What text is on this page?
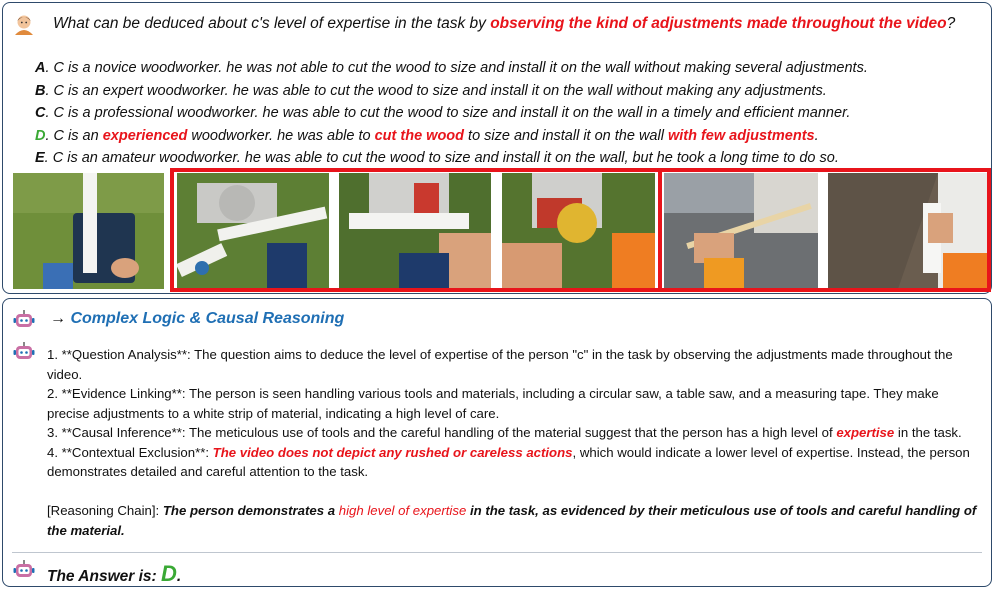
What can be deduced about c's level of expertise in the task by observing the kind of adjustments made throughout the video?
A. C is a novice woodworker. he was not able to cut the wood to size and install it on the wall without making several adjustments.
B. C is an expert woodworker. he was able to cut the wood to size and install it on the wall without making any adjustments.
C. C is a professional woodworker. he was able to cut the wood to size and install it on the wall in a timely and efficient manner.
D. C is an experienced woodworker. he was able to cut the wood to size and install it on the wall with few adjustments.
E. C is an amateur woodworker. he was able to cut the wood to size and install it on the wall, but he took a long time to do so.
→ Complex Logic & Causal Reasoning

1. **Question Analysis**: The question aims to deduce the level of expertise of the person "c" in the task by observing the adjustments made throughout the video.

2. **Evidence Linking**: The person is seen handling various tools and materials, including a circular saw, a table saw, and a measuring tape. They make precise adjustments to a white strip of material, indicating a high level of care.

3. **Causal Inference**: The meticulous use of tools and the careful handling of the material suggest that the person has a high level of expertise in the task.

4. **Contextual Exclusion**: The video does not depict any rushed or careless actions, which would indicate a lower level of expertise. Instead, the person demonstrates detailed and careful attention to the task.

[Reasoning Chain]: The person demonstrates a high level of expertise in the task, as evidenced by their meticulous use of tools and careful handling of the material.

The Answer is: D.
